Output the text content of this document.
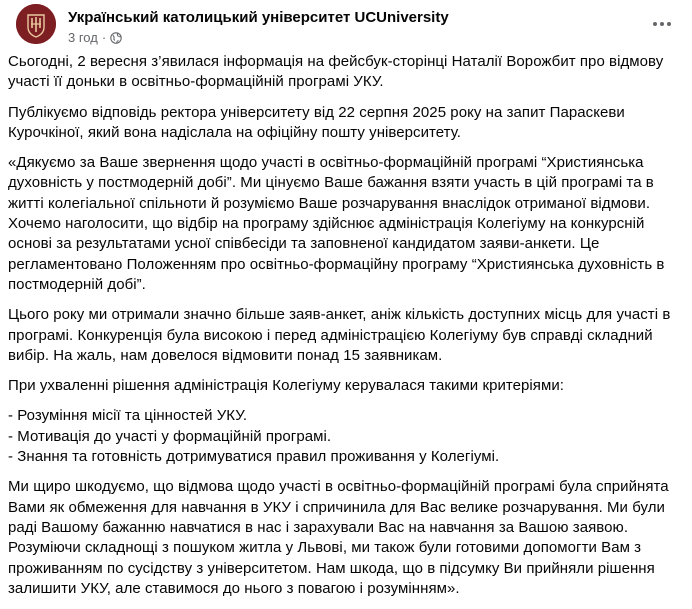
Український католицький університет UCUniversity
3 год ·

Сьогодні, 2 вересня з’явилася інформація на фейсбук-сторінці Наталії Ворожбит про відмову
участі її доньки в освітньо-формаційній програмі УКУ.

Публікуємо відповідь ректора університету від 22 серпня 2025 року на запит Параскеви
Курочкіної, який вона надіслала на офіційну пошту університету.

«Дякуємо за Ваше звернення щодо участі в освітньо-формаційній програмі “Християнська
духовність у постмодерній добі”. Ми цінуємо Ваше бажання взяти участь в цій програмі та в
житті колегіальної спільноти й розуміємо Ваше розчарування внаслідок отриманої відмови.
Хочемо наголосити, що відбір на програму здійснює адміністрація Колегіуму на конкурсній
основі за результатами усної співбесіди та заповненої кандидатом заяви-анкети. Це
регламентовано Положенням про освітньо-формаційну програму “Християнська духовність в
постмодерній добі”.

Цього року ми отримали значно більше заяв-анкет, аніж кількість доступних місць для участі в
програмі. Конкуренція була високою і перед адміністрацією Колегіуму був справді складний
вибір. На жаль, нам довелося відмовити понад 15 заявникам.

При ухваленні рішення адміністрація Колегіуму керувалася такими критеріями:

- Розуміння місії та цінностей УКУ.
- Мотивація до участі у формаційній програмі.
- Знання та готовність дотримуватися правил проживання у Колегіумі.

Ми щиро шкодуємо, що відмова щодо участі в освітньо-формаційній програмі була сприйнята
Вами як обмеження для навчання в УКУ і спричинила для Вас велике розчарування. Ми були
раді Вашому бажанню навчатися в нас і зарахували Вас на навчання за Вашою заявою.
Розуміючи складнощі з пошуком житла у Львові, ми також були готовими допомогти Вам з
проживанням по сусідству з університетом. Нам шкода, що в підсумку Ви прийняли рішення
залишити УКУ, але ставимося до нього з повагою і розумінням».
